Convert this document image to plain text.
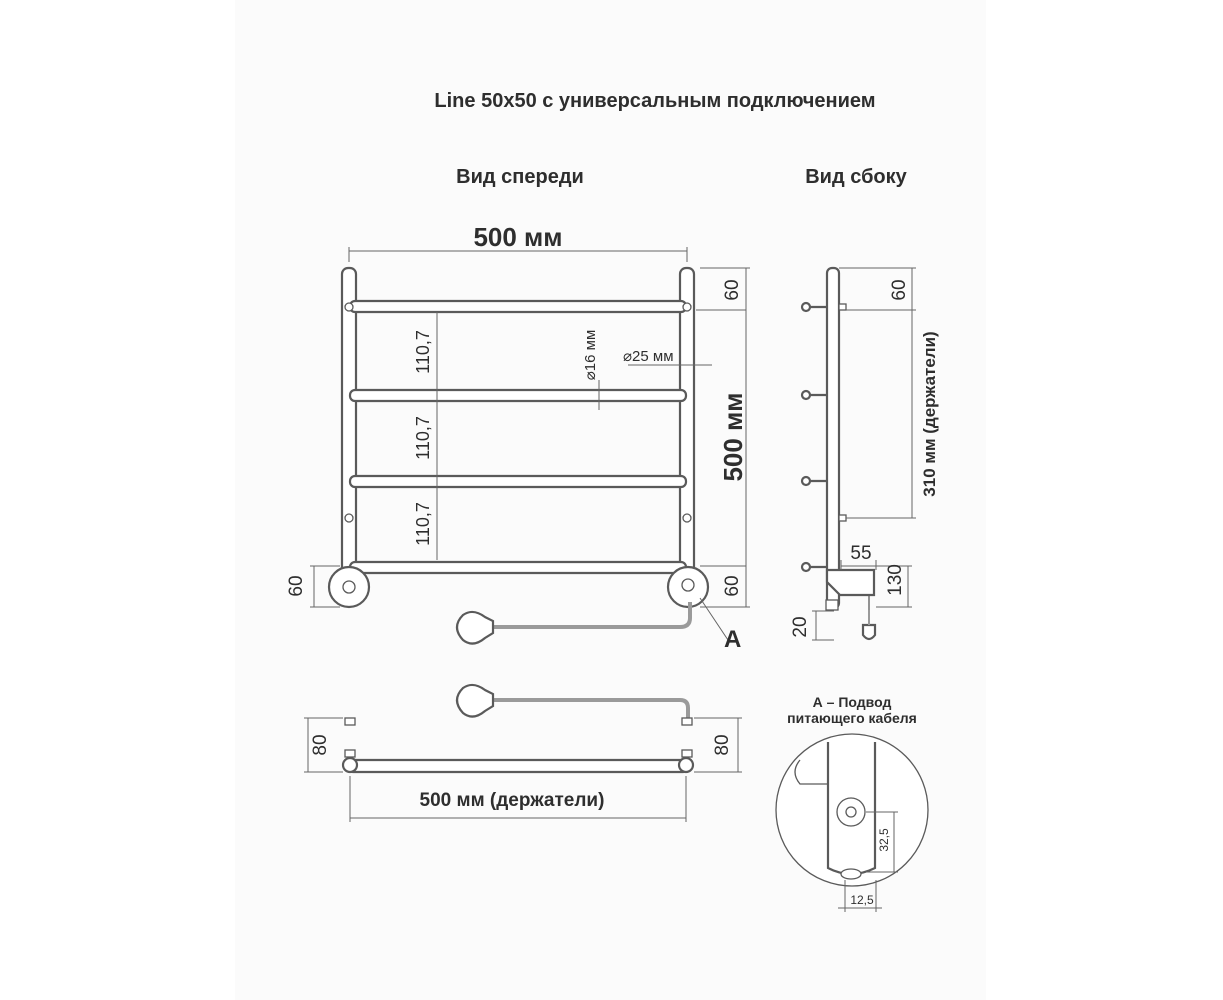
Line 50x50 с универсальным подключением
Вид спереди	Вид сбоку
500 мм
500 мм
60
60
60
110,7
110,7
110,7
⌀16 мм ⌀25 мм
А
60
310 мм (держатели)
55
130
20
80	80
500 мм (держатели)
А – Подвод
питающего кабеля
32,5
12,5
